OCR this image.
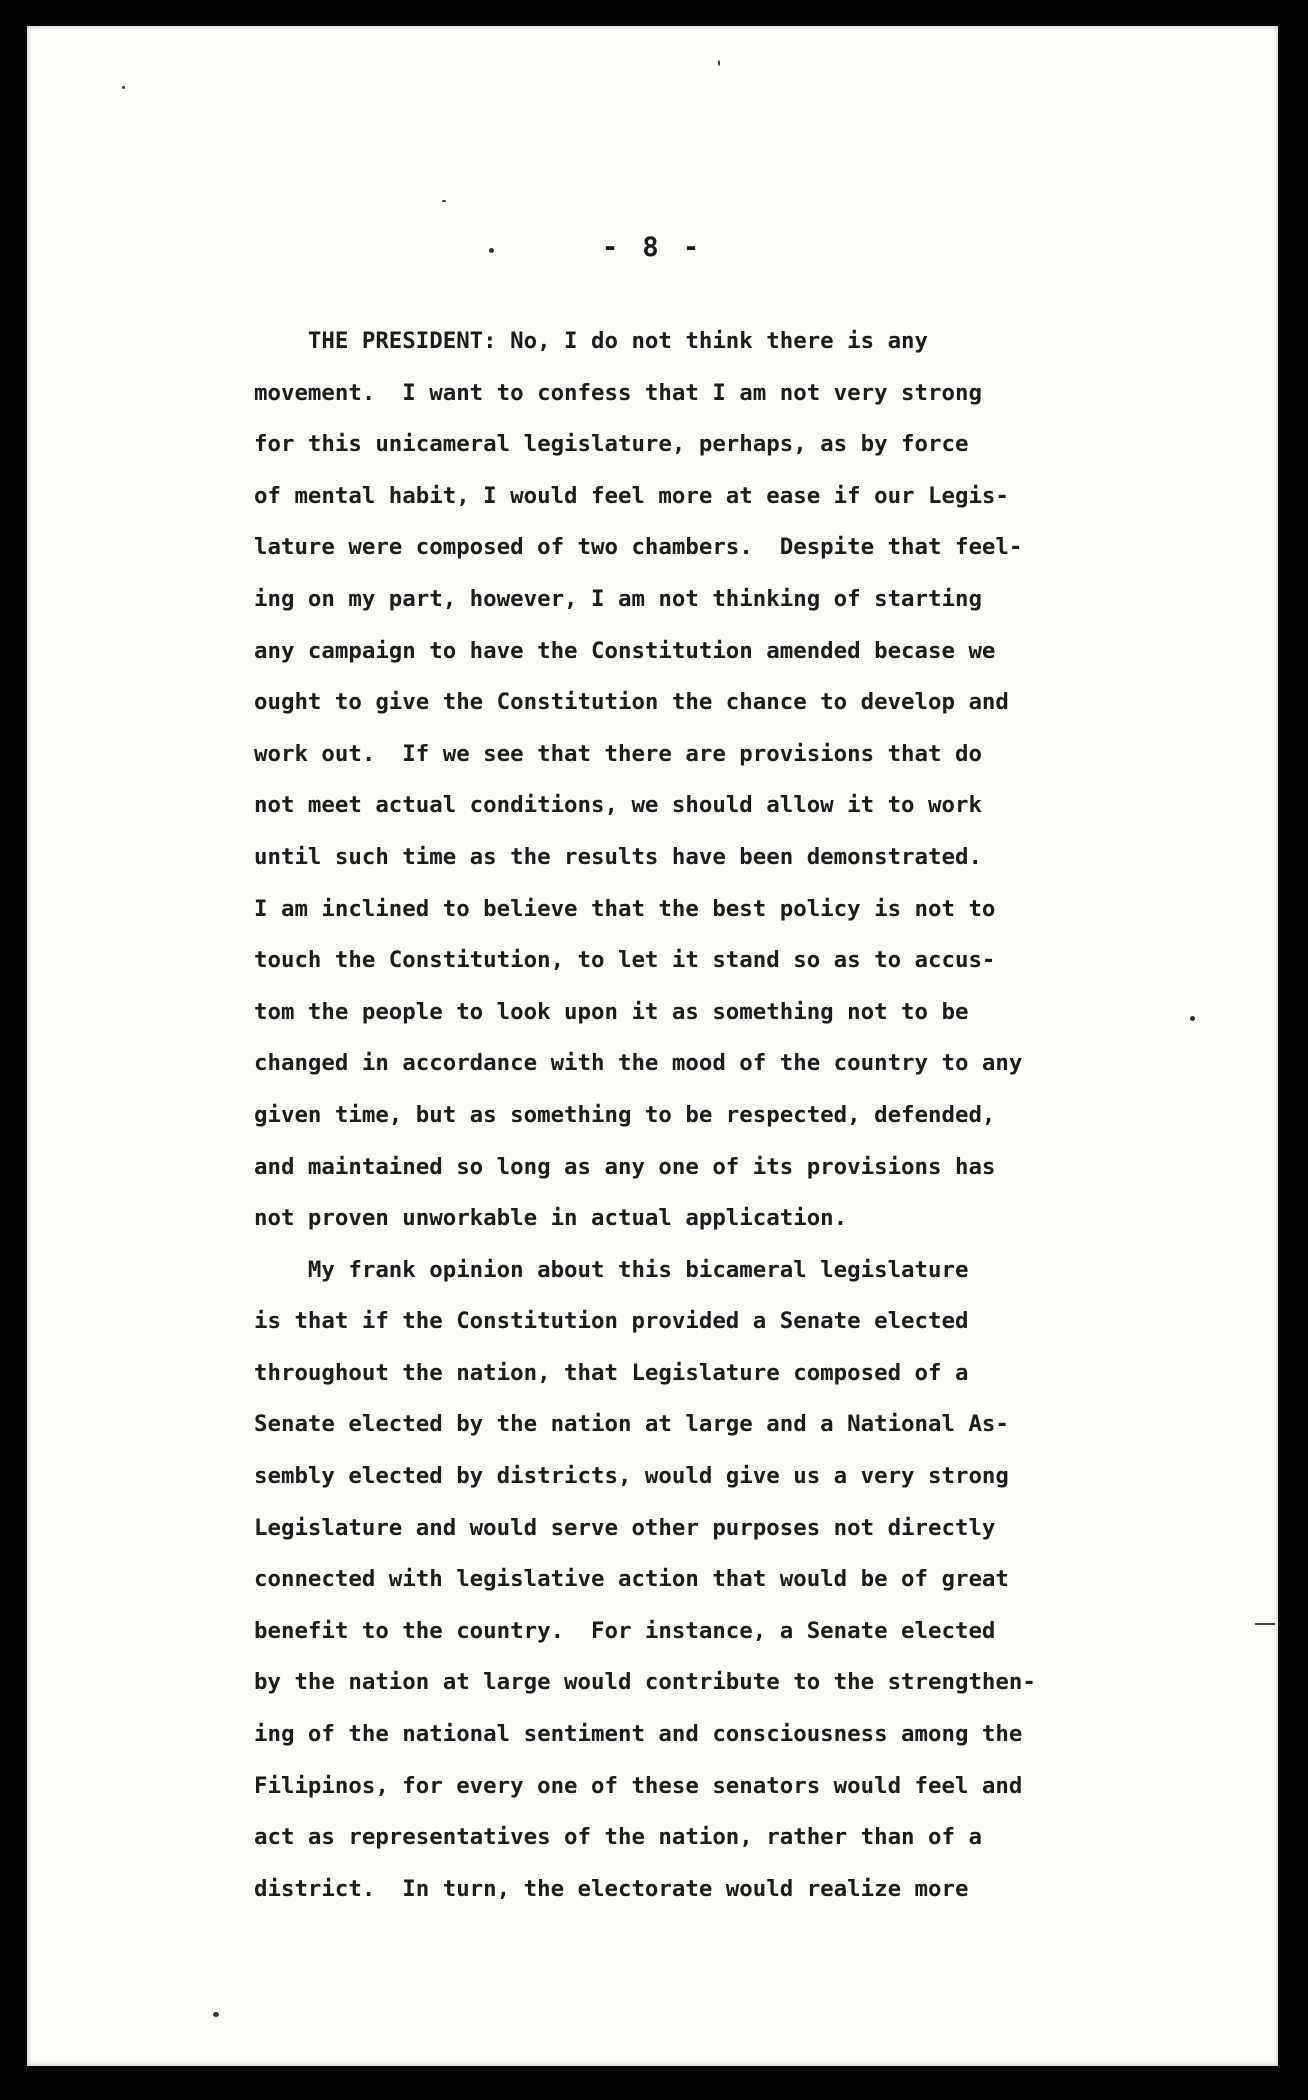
- 8 -
THE PRESIDENT: No, I do not think there is any
movement.  I want to confess that I am not very strong
for this unicameral legislature, perhaps, as by force
of mental habit, I would feel more at ease if our Legis-
lature were composed of two chambers.  Despite that feel-
ing on my part, however, I am not thinking of starting
any campaign to have the Constitution amended becase we
ought to give the Constitution the chance to develop and
work out.  If we see that there are provisions that do
not meet actual conditions, we should allow it to work
until such time as the results have been demonstrated.
I am inclined to believe that the best policy is not to
touch the Constitution, to let it stand so as to accus-
tom the people to look upon it as something not to be
changed in accordance with the mood of the country to any
given time, but as something to be respected, defended,
and maintained so long as any one of its provisions has
not proven unworkable in actual application.
My frank opinion about this bicameral legislature
is that if the Constitution provided a Senate elected
throughout the nation, that Legislature composed of a
Senate elected by the nation at large and a National As-
sembly elected by districts, would give us a very strong
Legislature and would serve other purposes not directly
connected with legislative action that would be of great
benefit to the country.  For instance, a Senate elected
by the nation at large would contribute to the strengthen-
ing of the national sentiment and consciousness among the
Filipinos, for every one of these senators would feel and
act as representatives of the nation, rather than of a
district.  In turn, the electorate would realize more
